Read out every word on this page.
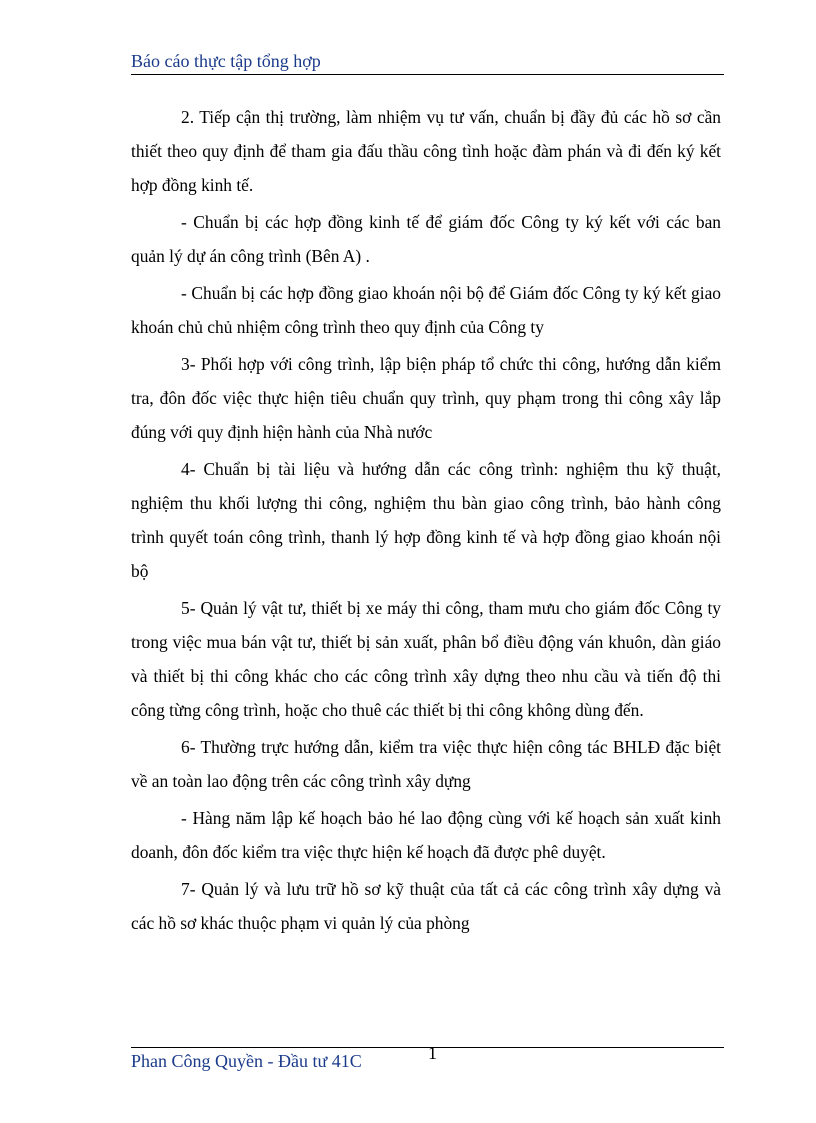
Báo cáo thực tập tổng hợp

2. Tiếp cận thị trường, làm nhiệm vụ tư vấn, chuẩn bị đầy đủ các hồ sơ cần thiết theo quy định để tham gia đấu thầu công tình hoặc đàm phán và đi đến ký kết hợp đồng kinh tế.

- Chuẩn bị các hợp đồng kinh tế để giám đốc Công ty ký kết với các ban quản lý dự án công trình (Bên A) .

- Chuẩn bị các hợp đồng giao khoán nội bộ để Giám đốc Công ty ký kết giao khoán chủ chủ nhiệm công trình theo quy định của Công ty

3- Phối hợp với công trình, lập biện pháp tổ chức thi công, hướng dẫn kiểm tra, đôn đốc việc thực hiện tiêu chuẩn quy trình, quy phạm trong thi công xây lắp đúng với quy định hiện hành của Nhà nước

4- Chuẩn bị tài liệu và hướng dẫn các công trình: nghiệm thu kỹ thuật, nghiệm thu khối lượng thi công, nghiệm thu bàn giao công trình, bảo hành công trình quyết toán công trình, thanh lý hợp đồng kinh tế và hợp đồng giao khoán nội bộ

5- Quản lý vật tư, thiết bị xe máy thi công, tham mưu cho giám đốc Công ty trong việc mua bán vật tư, thiết bị sản xuất, phân bổ điều động ván khuôn, dàn giáo và thiết bị thi công khác cho các công trình xây dựng theo nhu cầu và tiến độ thi công từng công trình, hoặc cho thuê các thiết bị thi công không dùng đến.

6- Thường trực hướng dẫn, kiểm tra việc thực hiện công tác BHLĐ đặc biệt về an toàn lao động trên các công trình xây dựng

- Hàng năm lập kế hoạch bảo hé lao động cùng với kế hoạch sản xuất kinh doanh, đôn đốc kiểm tra việc thực hiện kế hoạch đã được phê duyệt.

7- Quản lý và lưu trữ hồ sơ kỹ thuật của tất cả các công trình xây dựng và các hồ sơ khác thuộc phạm vi quản lý của phòng

Phan Công Quyền - Đầu tư 41C	1
